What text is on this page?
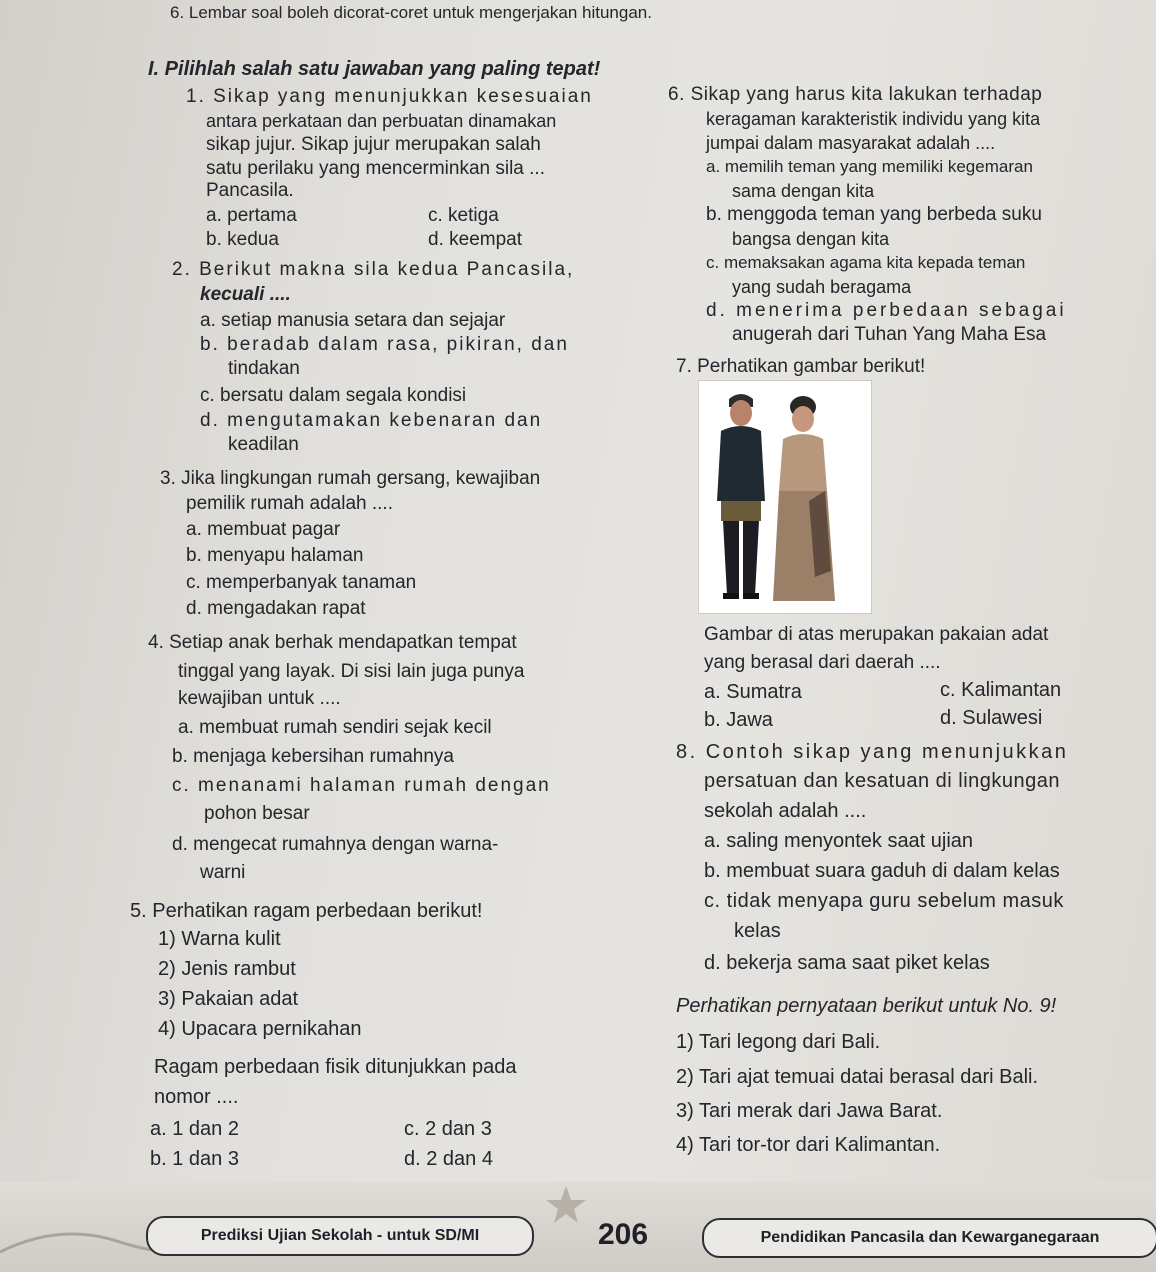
6. Lembar soal boleh dicorat-coret untuk mengerjakan hitungan.
I. Pilihlah salah satu jawaban yang paling tepat!
1. Sikap yang menunjukkan kesesuaian
antara perkataan dan perbuatan dinamakan
sikap jujur. Sikap jujur merupakan salah
satu perilaku yang mencerminkan sila ...
Pancasila.
a. pertama
b. kedua
c. ketiga
d. keempat
2. Berikut makna sila kedua Pancasila,
kecuali ....
a. setiap manusia setara dan sejajar
b. beradab dalam rasa, pikiran, dan
tindakan
c. bersatu dalam segala kondisi
d. mengutamakan kebenaran dan
keadilan
3. Jika lingkungan rumah gersang, kewajiban
pemilik rumah adalah ....
a. membuat pagar
b. menyapu halaman
c. memperbanyak tanaman
d. mengadakan rapat
4. Setiap anak berhak mendapatkan tempat
tinggal yang layak. Di sisi lain juga punya
kewajiban untuk ....
a. membuat rumah sendiri sejak kecil
b. menjaga kebersihan rumahnya
c. menanami halaman rumah dengan
pohon besar
d. mengecat rumahnya dengan warna-
warni
5. Perhatikan ragam perbedaan berikut!
1) Warna kulit
2) Jenis rambut
3) Pakaian adat
4) Upacara pernikahan
Ragam perbedaan fisik ditunjukkan pada
nomor ....
a. 1 dan 2
b. 1 dan 3
c. 2 dan 3
d. 2 dan 4
6. Sikap yang harus kita lakukan terhadap
keragaman karakteristik individu yang kita
jumpai dalam masyarakat adalah ....
a. memilih teman yang memiliki kegemaran
sama dengan kita
b. menggoda teman yang berbeda suku
bangsa dengan kita
c. memaksakan agama kita kepada teman
yang sudah beragama
d. menerima perbedaan sebagai
anugerah dari Tuhan Yang Maha Esa
7. Perhatikan gambar berikut!
Gambar di atas merupakan pakaian adat
yang berasal dari daerah ....
a. Sumatra
b. Jawa
c. Kalimantan
d. Sulawesi
8. Contoh sikap yang menunjukkan
persatuan dan kesatuan di lingkungan
sekolah adalah ....
a. saling menyontek saat ujian
b. membuat suara gaduh di dalam kelas
c. tidak menyapa guru sebelum masuk
kelas
d. bekerja sama saat piket kelas
Perhatikan pernyataan berikut untuk No. 9!
1) Tari legong dari Bali.
2) Tari ajat temuai datai berasal dari Bali.
3) Tari merak dari Jawa Barat.
4) Tari tor-tor dari Kalimantan.
Prediksi Ujian Sekolah - untuk SD/MI	206	Pendidikan Pancasila dan Kewarganegaraan
